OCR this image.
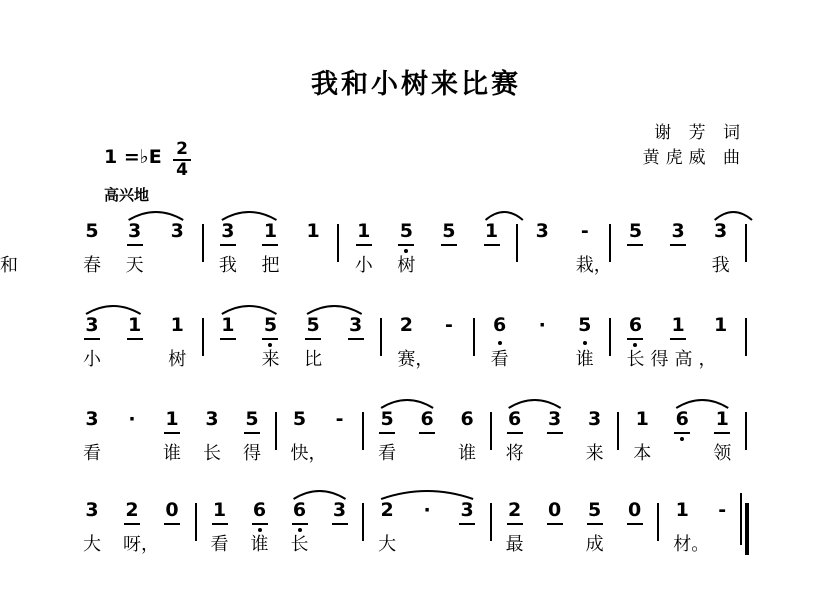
我和小树来比赛
谢 芳 词
黄虎威 曲
1 =♭E 2
4
高兴地
5 3 3 3 1 1 1 5 5 1 3 - 5 3 3
春 天	我 把	小 树	栽，	我
和
3 1 1 1 5 5 3 2 - 6 · 5 6 1 1
小	树	来 比	赛，	看	谁 长得高，
3 · 1 3 5 5 - 5 6 6 6 3 3 1 6 1
看	谁 长 得 快，	看	谁 将	来 本	领
3 2 0 1 6 6 3 2 · 3 2 0 5 0 1 -
大 呀，	看 谁 长	大	最	成	材。
